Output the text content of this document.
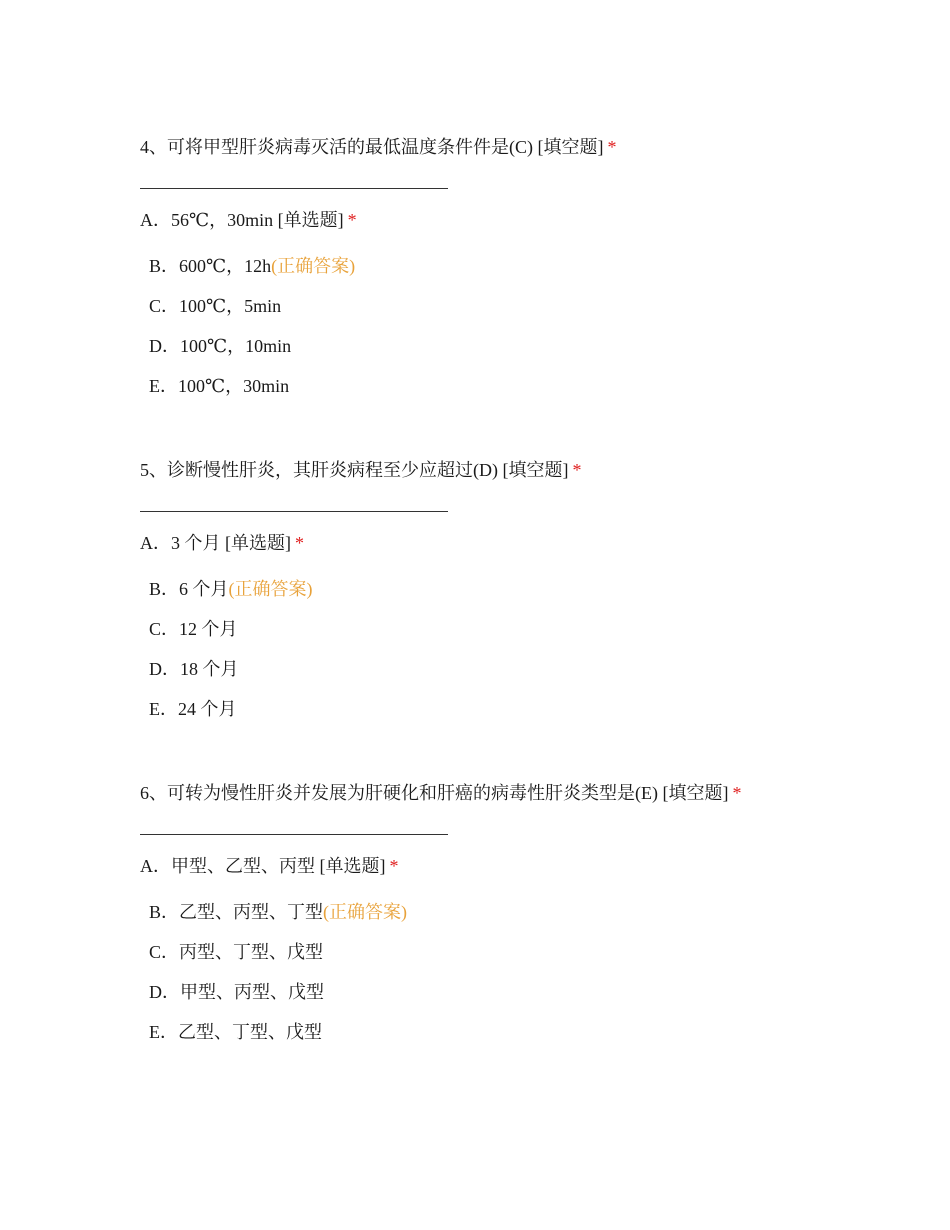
4、可将甲型肝炎病毒灭活的最低温度条件件是(C) [填空题] *
A．56℃，30min [单选题] *
B．600℃，12h(正确答案)
C．100℃，5min
D．100℃，10min
E．100℃，30min
5、诊断慢性肝炎，其肝炎病程至少应超过(D) [填空题] *
A．3 个月 [单选题] *
B．6 个月(正确答案)
C．12 个月
D．18 个月
E．24 个月
6、可转为慢性肝炎并发展为肝硬化和肝癌的病毒性肝炎类型是(E) [填空题] *
A．甲型、乙型、丙型 [单选题] *
B．乙型、丙型、丁型(正确答案)
C．丙型、丁型、戊型
D．甲型、丙型、戊型
E．乙型、丁型、戊型
